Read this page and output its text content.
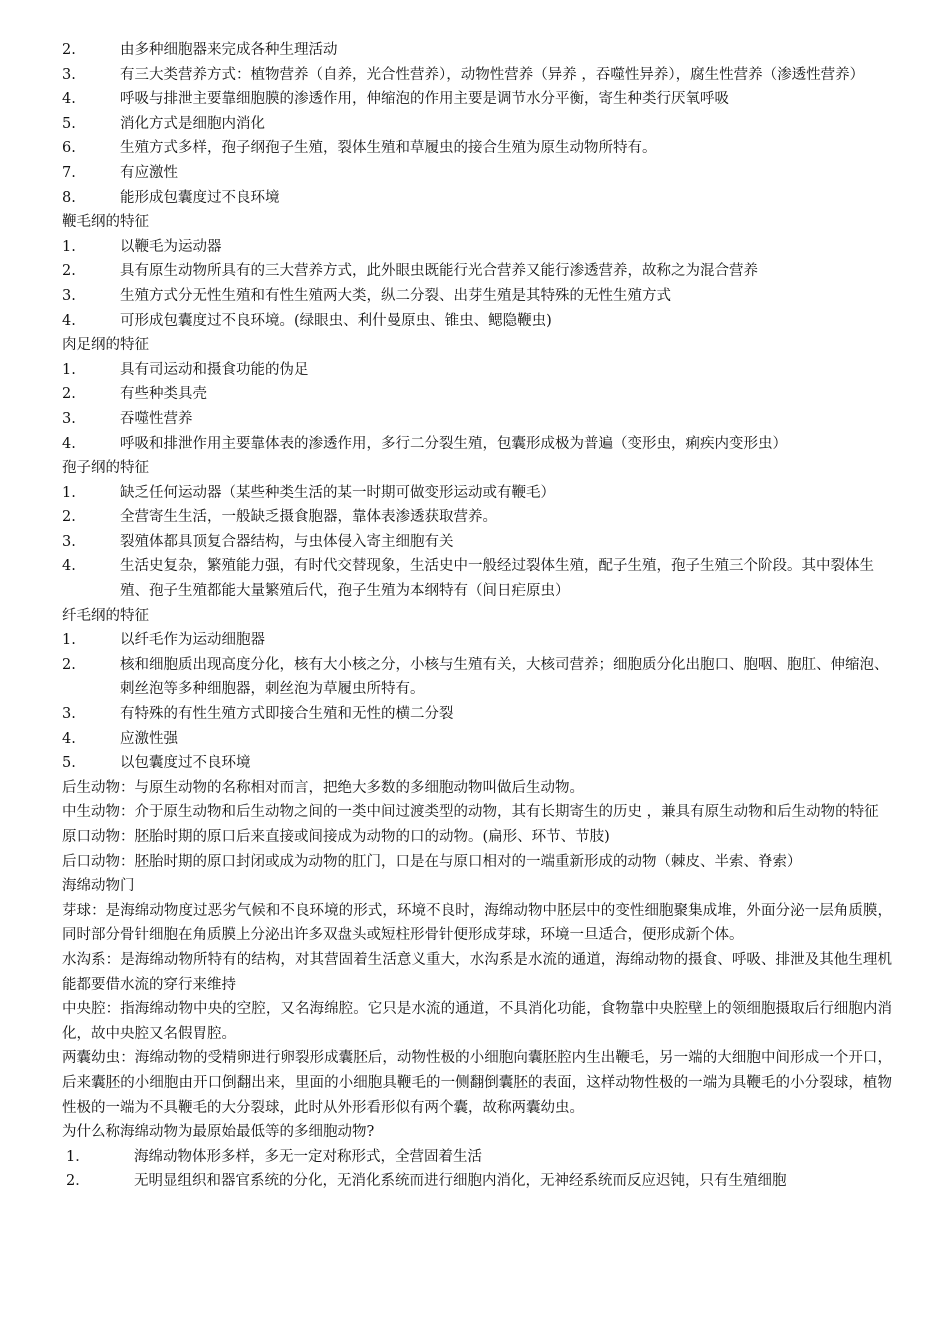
2.	由多种细胞器来完成各种生理活动
3.	有三大类营养方式：植物营养（自养，光合性营养），动物性营养（异养 ，吞噬性异养），腐生性营养（渗透性营养）
4.	呼吸与排泄主要靠细胞膜的渗透作用，伸缩泡的作用主要是调节水分平衡，寄生种类行厌氧呼吸
5.	消化方式是细胞内消化
6.	生殖方式多样，孢子纲孢子生殖，裂体生殖和草履虫的接合生殖为原生动物所特有。
7.	有应激性
8.	能形成包囊度过不良环境
鞭毛纲的特征
1.	以鞭毛为运动器
2.	具有原生动物所具有的三大营养方式，此外眼虫既能行光合营养又能行渗透营养，故称之为混合营养
3.	生殖方式分无性生殖和有性生殖两大类，纵二分裂、出芽生殖是其特殊的无性生殖方式
4.	可形成包囊度过不良环境。(绿眼虫、利什曼原虫、锥虫、鳃隐鞭虫)
肉足纲的特征
1.	具有司运动和摄食功能的伪足
2.	有些种类具壳
3.	吞噬性营养
4.	呼吸和排泄作用主要靠体表的渗透作用，多行二分裂生殖，包囊形成极为普遍（变形虫，痢疾内变形虫）
孢子纲的特征
1.	缺乏任何运动器（某些种类生活的某一时期可做变形运动或有鞭毛）
2.	全营寄生生活，一般缺乏摄食胞器，靠体表渗透获取营养。
3.	裂殖体都具顶复合器结构，与虫体侵入寄主细胞有关
4.	生活史复杂，繁殖能力强，有时代交替现象，生活史中一般经过裂体生殖，配子生殖，孢子生殖三个阶段。其中裂体生殖、孢子生殖都能大量繁殖后代，孢子生殖为本纲特有（间日疟原虫）
纤毛纲的特征
1.	以纤毛作为运动细胞器
2.	核和细胞质出现高度分化，核有大小核之分，小核与生殖有关，大核司营养；细胞质分化出胞口、胞咽、胞肛、伸缩泡、刺丝泡等多种细胞器，刺丝泡为草履虫所特有。
3.	有特殊的有性生殖方式即接合生殖和无性的横二分裂
4.	应激性强
5.	以包囊度过不良环境
后生动物：与原生动物的名称相对而言，把绝大多数的多细胞动物叫做后生动物。
中生动物：介于原生动物和后生动物之间的一类中间过渡类型的动物，其有长期寄生的历史 ，兼具有原生动物和后生动物的特征
原口动物：胚胎时期的原口后来直接或间接成为动物的口的动物。(扁形、环节、节肢)
后口动物：胚胎时期的原口封闭或成为动物的肛门，口是在与原口相对的一端重新形成的动物（棘皮、半索、脊索）
海绵动物门
芽球：是海绵动物度过恶劣气候和不良环境的形式，环境不良时，海绵动物中胚层中的变性细胞聚集成堆，外面分泌一层角质膜，同时部分骨针细胞在角质膜上分泌出许多双盘头或短柱形骨针便形成芽球，环境一旦适合，便形成新个体。
水沟系：是海绵动物所特有的结构，对其营固着生活意义重大，水沟系是水流的通道，海绵动物的摄食、呼吸、排泄及其他生理机能都要借水流的穿行来维持
中央腔：指海绵动物中央的空腔，又名海绵腔。它只是水流的通道，不具消化功能，食物靠中央腔壁上的领细胞摄取后行细胞内消化，故中央腔又名假胃腔。
两囊幼虫：海绵动物的受精卵进行卵裂形成囊胚后，动物性极的小细胞向囊胚腔内生出鞭毛，另一端的大细胞中间形成一个开口，后来囊胚的小细胞由开口倒翻出来，里面的小细胞具鞭毛的一侧翻倒囊胚的表面，这样动物性极的一端为具鞭毛的小分裂球，植物性极的一端为不具鞭毛的大分裂球，此时从外形看形似有两个囊，故称两囊幼虫。
为什么称海绵动物为最原始最低等的多细胞动物?
1．	海绵动物体形多样，多无一定对称形式，全营固着生活
2．	无明显组织和器官系统的分化，无消化系统而进行细胞内消化，无神经系统而反应迟钝，只有生殖细胞
